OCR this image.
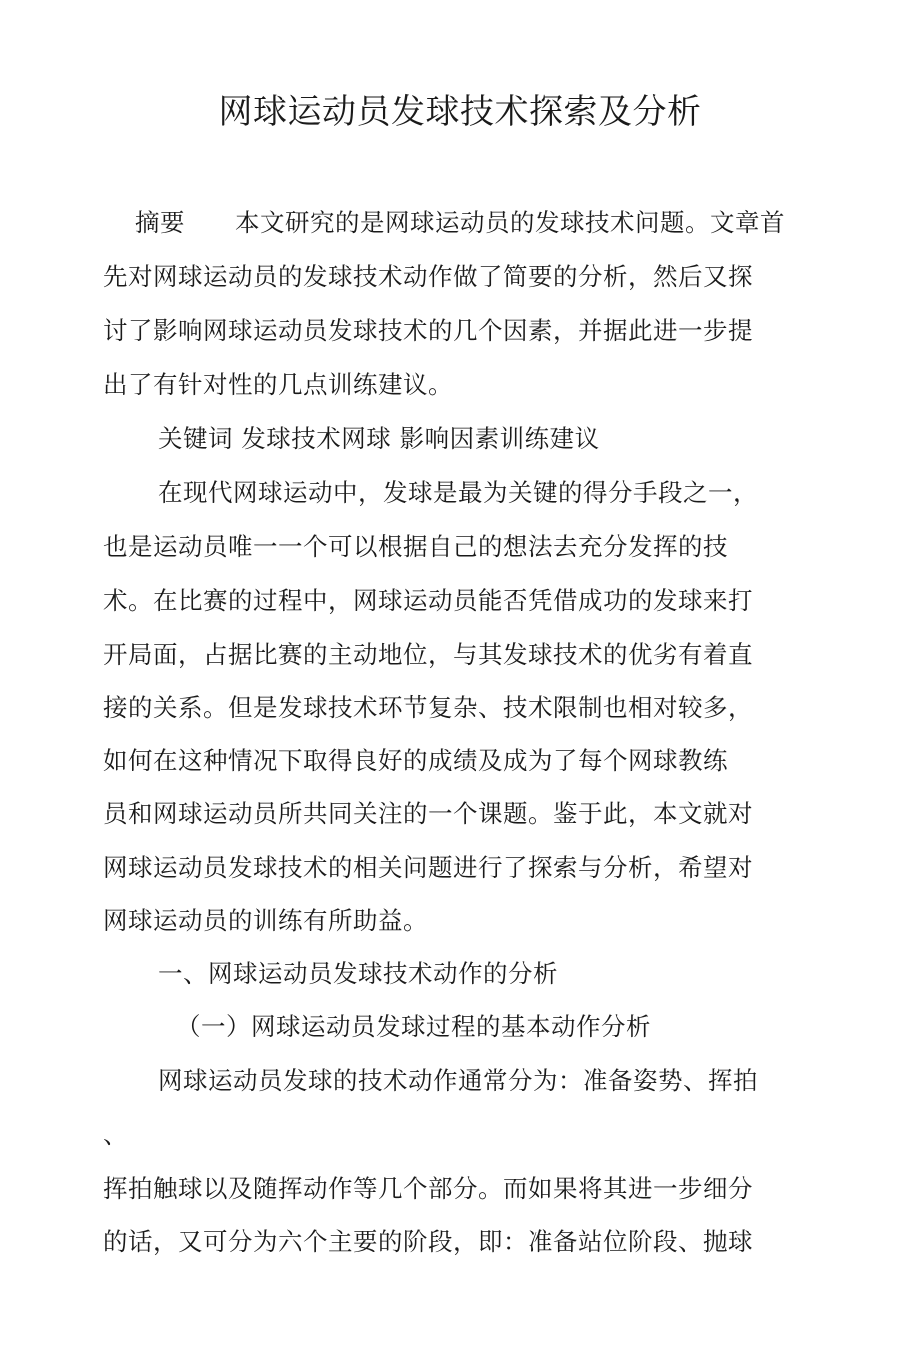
网球运动员发球技术探索及分析
摘要　　本文研究的是网球运动员的发球技术问题。文章首
先对网球运动员的发球技术动作做了简要的分析，然后又探
讨了影响网球运动员发球技术的几个因素，并据此进一步提
出了有针对性的几点训练建议。
关键词 发球技术网球 影响因素训练建议
在现代网球运动中，发球是最为关键的得分手段之一，
也是运动员唯一一个可以根据自己的想法去充分发挥的技
术。在比赛的过程中，网球运动员能否凭借成功的发球来打
开局面，占据比赛的主动地位，与其发球技术的优劣有着直
接的关系。但是发球技术环节复杂、技术限制也相对较多，
如何在这种情况下取得良好的成绩及成为了每个网球教练
员和网球运动员所共同关注的一个课题。鉴于此，本文就对
网球运动员发球技术的相关问题进行了探索与分析，希望对
网球运动员的训练有所助益。
一、网球运动员发球技术动作的分析
（一）网球运动员发球过程的基本动作分析
网球运动员发球的技术动作通常分为：准备姿势、挥拍
、
挥拍触球以及随挥动作等几个部分。而如果将其进一步细分
的话，又可分为六个主要的阶段，即：准备站位阶段、抛球
